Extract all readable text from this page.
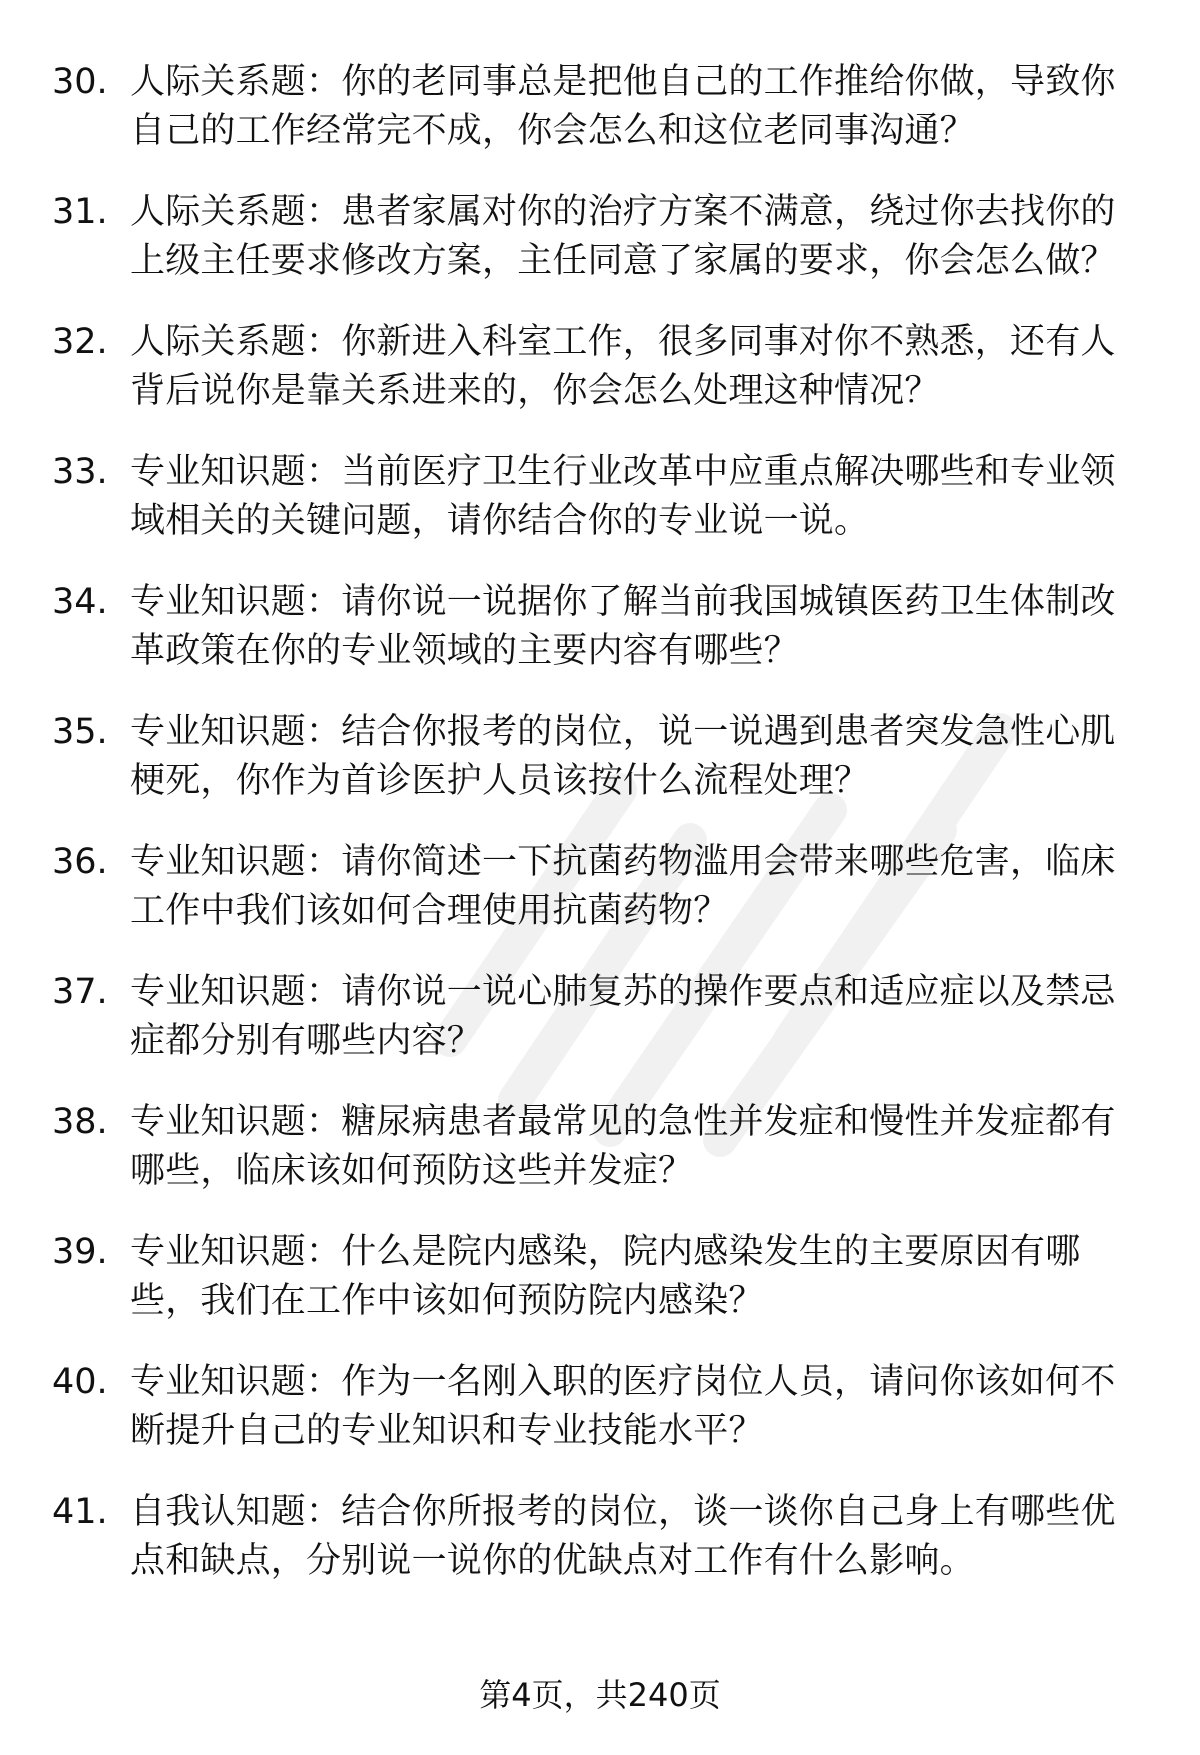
30. 人际关系题：你的老同事总是把他自己的工作推给你做，导致你自己的工作经常完不成，你会怎么和这位老同事沟通？
31. 人际关系题：患者家属对你的治疗方案不满意，绕过你去找你的上级主任要求修改方案，主任同意了家属的要求，你会怎么做？
32. 人际关系题：你新进入科室工作，很多同事对你不熟悉，还有人背后说你是靠关系进来的，你会怎么处理这种情况？
33. 专业知识题：当前医疗卫生行业改革中应重点解决哪些和专业领域相关的关键问题，请你结合你的专业说一说。
34. 专业知识题：请你说一说据你了解当前我国城镇医药卫生体制改革政策在你的专业领域的主要内容有哪些？
35. 专业知识题：结合你报考的岗位，说一说遇到患者突发急性心肌梗死，你作为首诊医护人员该按什么流程处理？
36. 专业知识题：请你简述一下抗菌药物滥用会带来哪些危害，临床工作中我们该如何合理使用抗菌药物？
37. 专业知识题：请你说一说心肺复苏的操作要点和适应症以及禁忌症都分别有哪些内容？
38. 专业知识题：糖尿病患者最常见的急性并发症和慢性并发症都有哪些，临床该如何预防这些并发症？
39. 专业知识题：什么是院内感染，院内感染发生的主要原因有哪些，我们在工作中该如何预防院内感染？
40. 专业知识题：作为一名刚入职的医疗岗位人员，请问你该如何不断提升自己的专业知识和专业技能水平？
41. 自我认知题：结合你所报考的岗位，谈一谈你自己身上有哪些优点和缺点，分别说一说你的优缺点对工作有什么影响。
第4页，共240页
